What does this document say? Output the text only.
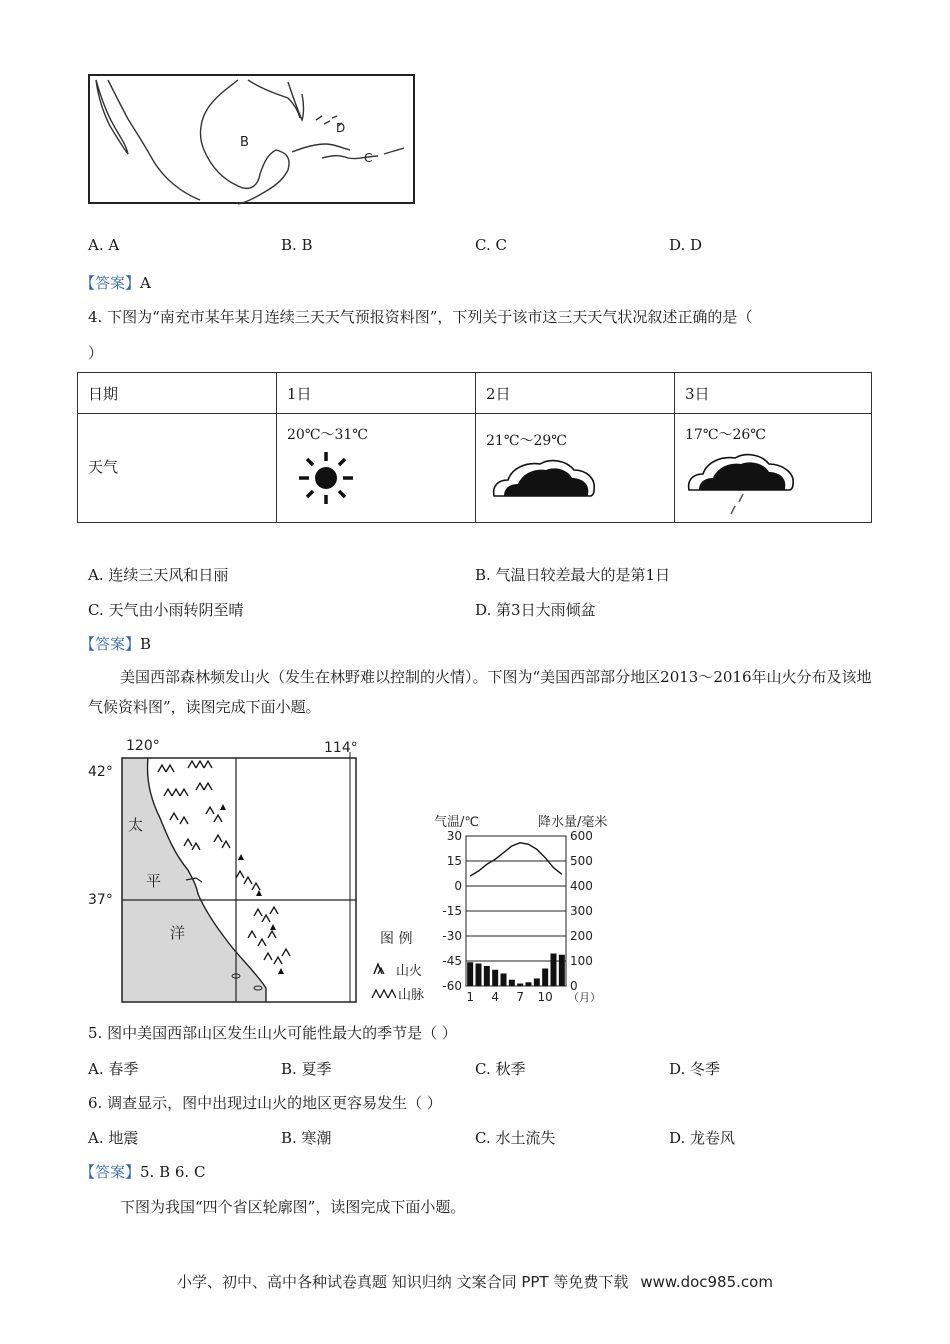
B
D
C
A. A	B. B	C. C	D. D
【答案】A
4. 下图为“南充市某年某月连续三天天气预报资料图”，下列关于该市这三天天气状况叙述正确的是（
）
日期	1日	2日	3日

天气	20℃～31℃	21℃～29℃	17℃～26℃
A. 连续三天风和日丽	B. 气温日较差最大的是第1日
C. 天气由小雨转阴至晴	D. 第3日大雨倾盆
【答案】B
美国西部森林频发山火（发生在林野难以控制的火情）。下图为“美国西部部分地区2013～2016年山火分布及该地气候资料图”，读图完成下面小题。
120°	114°
42°
37°
太
平
洋	图 例
山火
山脉
气温/℃	降水量/毫米
30
15
0
-15
-30
-45
-60
600
500
400
300
200
100
0
1 4 7 10 （月）
5. 图中美国西部山区发生山火可能性最大的季节是（ ）
A. 春季	B. 夏季	C. 秋季	D. 冬季
6. 调查显示，图中出现过山火的地区更容易发生（ ）
A. 地震	B. 寒潮	C. 水土流失	D. 龙卷风
【答案】5. B 6. C
下图为我国“四个省区轮廓图”，读图完成下面小题。
小学、初中、高中各种试卷真题 知识归纳 文案合同 PPT 等免费下载 www.doc985.com
